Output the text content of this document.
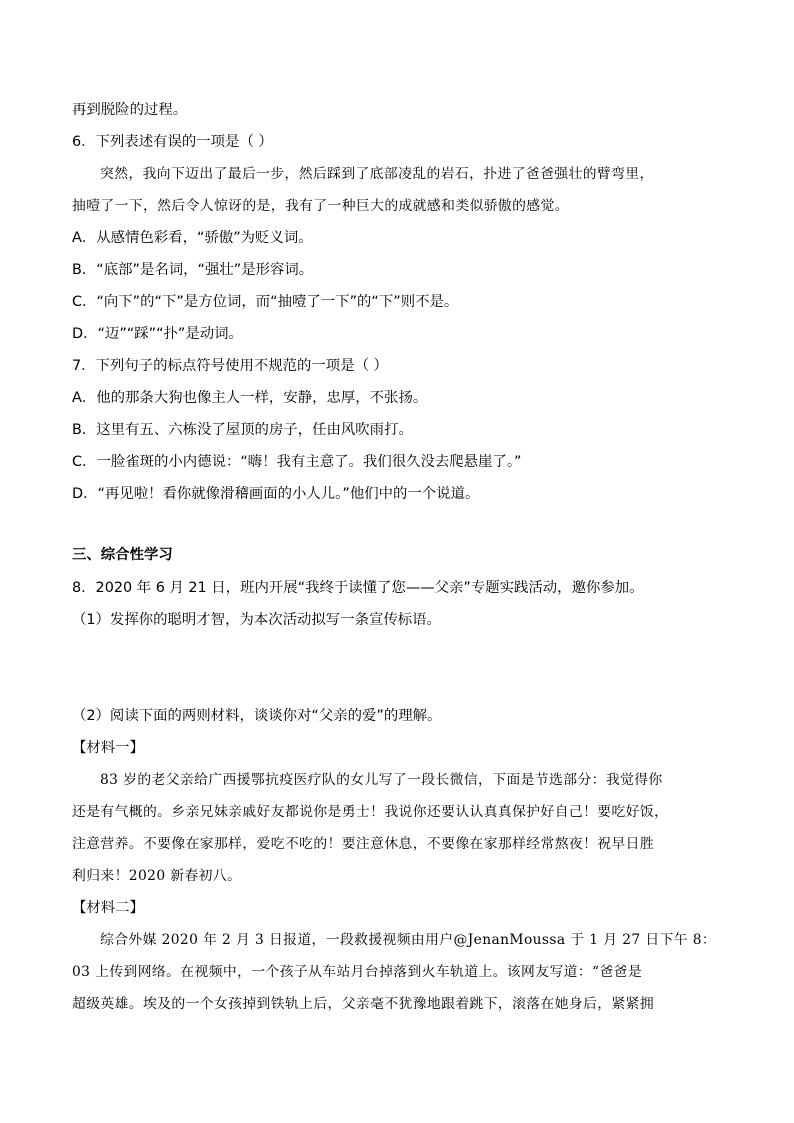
再到脱险的过程。
6．下列表述有误的一项是（ ）
突然，我向下迈出了最后一步，然后踩到了底部凌乱的岩石，扑进了爸爸强壮的臂弯里，
抽噎了一下，然后令人惊讶的是，我有了一种巨大的成就感和类似骄傲的感觉。
A．从感情色彩看，“骄傲”为贬义词。
B．“底部”是名词，“强壮”是形容词。
C．“向下”的“下”是方位词，而“抽噎了一下”的“下”则不是。
D．“迈”“踩”“扑”是动词。
7．下列句子的标点符号使用不规范的一项是（ ）
A．他的那条大狗也像主人一样，安静，忠厚，不张扬。
B．这里有五、六栋没了屋顶的房子，任由风吹雨打。
C．一脸雀斑的小内德说：“嗨！我有主意了。我们很久没去爬悬崖了。”
D．“再见啦！看你就像滑稽画面的小人儿。”他们中的一个说道。
三、综合性学习
8．2020 年 6 月 21 日，班内开展“我终于读懂了您——父亲”专题实践活动，邀你参加。
（1）发挥你的聪明才智，为本次活动拟写一条宣传标语。
（2）阅读下面的两则材料，谈谈你对“父亲的爱”的理解。
【材料一】
83 岁的老父亲给广西援鄂抗疫医疗队的女儿写了一段长微信，下面是节选部分：我觉得你
还是有气概的。乡亲兄妹亲戚好友都说你是勇士！我说你还要认认真真保护好自己！要吃好饭，
注意营养。不要像在家那样，爱吃不吃的！要注意休息，不要像在家那样经常熬夜！祝早日胜
利归来！2020 新春初八。
【材料二】
综合外媒 2020 年 2 月 3 日报道，一段救援视频由用户@JenanMoussa 于 1 月 27 日下午 8：
03 上传到网络。在视频中，一个孩子从车站月台掉落到火车轨道上。该网友写道：“爸爸是
超级英雄。埃及的一个女孩掉到铁轨上后，父亲毫不犹豫地跟着跳下，滚落在她身后，紧紧拥
